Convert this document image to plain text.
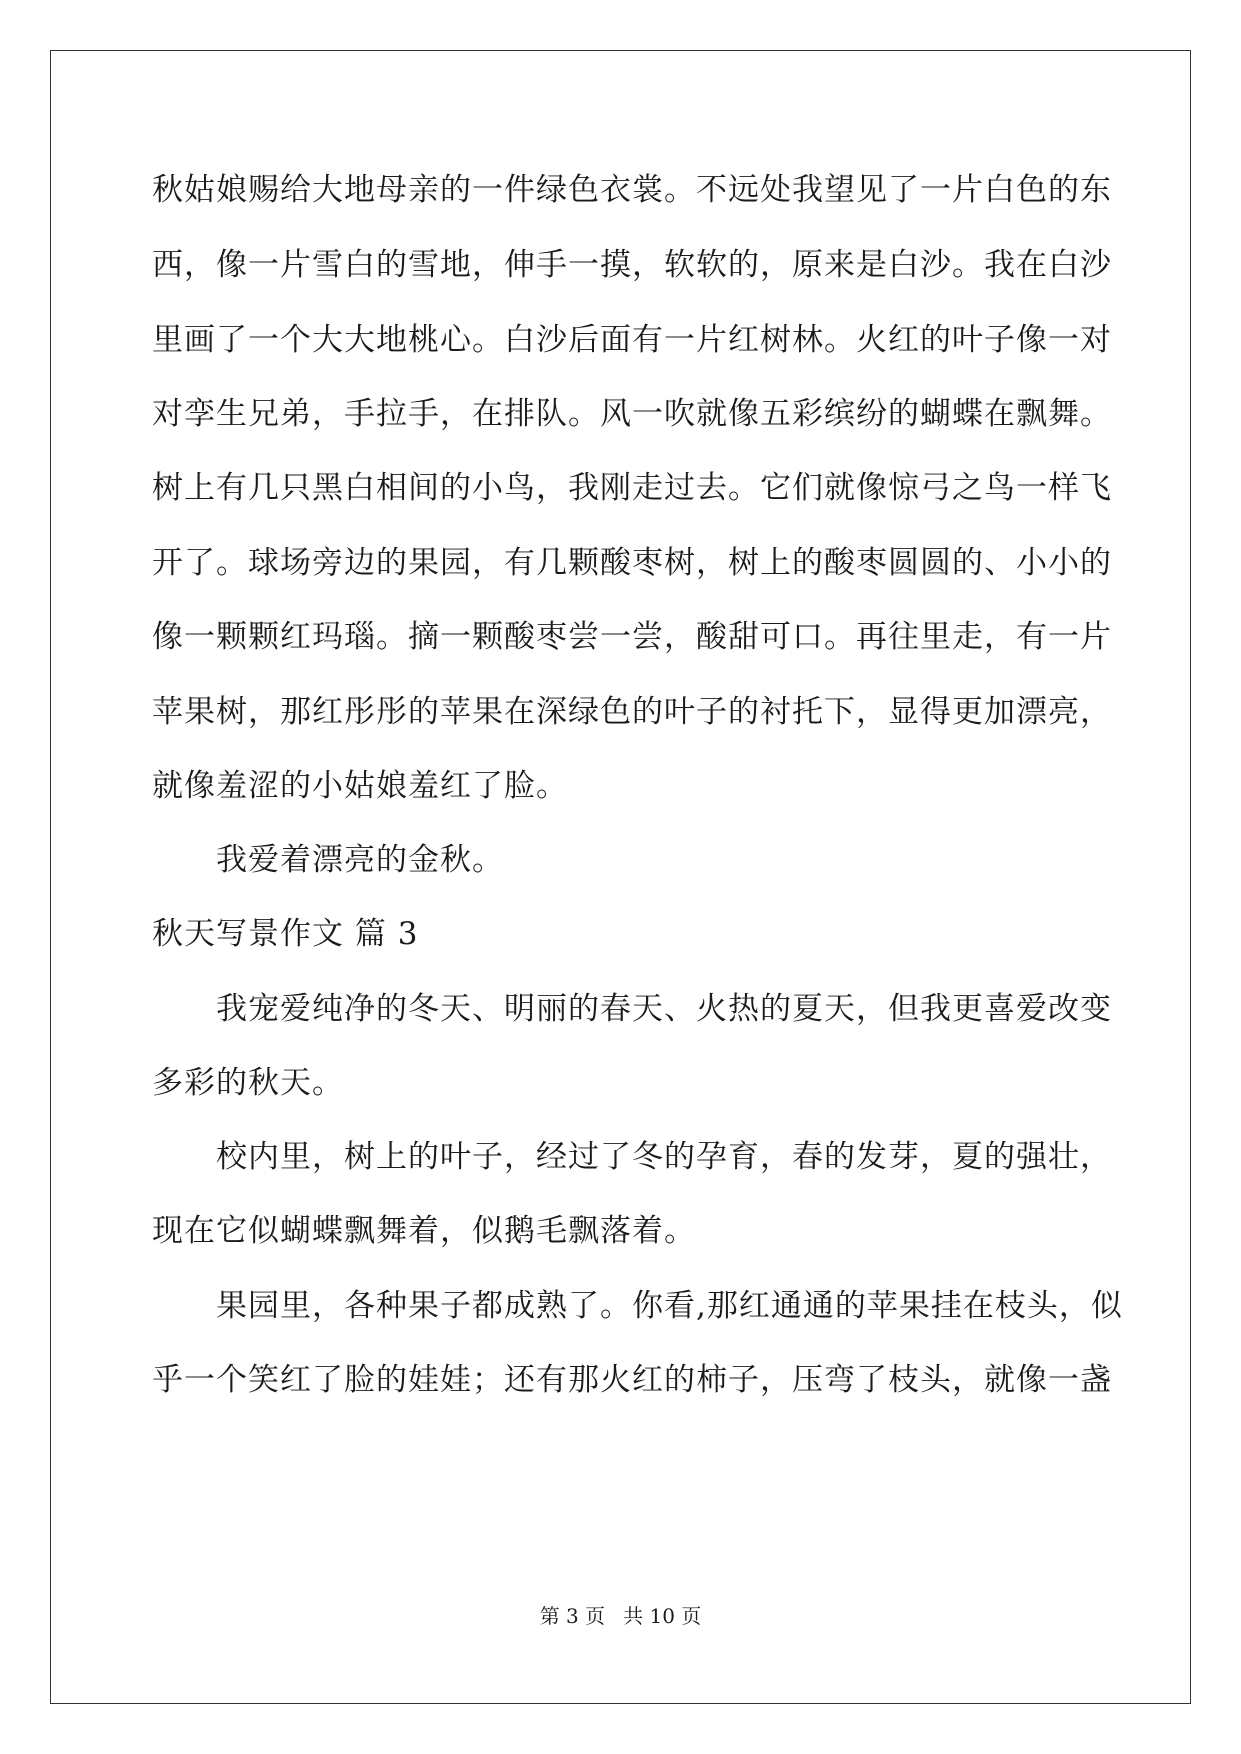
秋姑娘赐给大地母亲的一件绿色衣裳。不远处我望见了一片白色的东
西，像一片雪白的雪地，伸手一摸，软软的，原来是白沙。我在白沙
里画了一个大大地桃心。白沙后面有一片红树林。火红的叶子像一对
对孪生兄弟，手拉手，在排队。风一吹就像五彩缤纷的蝴蝶在飘舞。
树上有几只黑白相间的小鸟，我刚走过去。它们就像惊弓之鸟一样飞
开了。球场旁边的果园，有几颗酸枣树，树上的酸枣圆圆的、小小的
像一颗颗红玛瑙。摘一颗酸枣尝一尝，酸甜可口。再往里走，有一片
苹果树，那红彤彤的苹果在深绿色的叶子的衬托下，显得更加漂亮，
就像羞涩的小姑娘羞红了脸。
我爱着漂亮的金秋。
秋天写景作文 篇 3
我宠爱纯净的冬天、明丽的春天、火热的夏天，但我更喜爱改变
多彩的秋天。
校内里，树上的叶子，经过了冬的孕育，春的发芽，夏的强壮，
现在它似蝴蝶飘舞着，似鹅毛飘落着。
果园里，各种果子都成熟了。你看,那红通通的苹果挂在枝头，似
乎一个笑红了脸的娃娃；还有那火红的柿子，压弯了枝头，就像一盏
第 3 页 共 10 页
